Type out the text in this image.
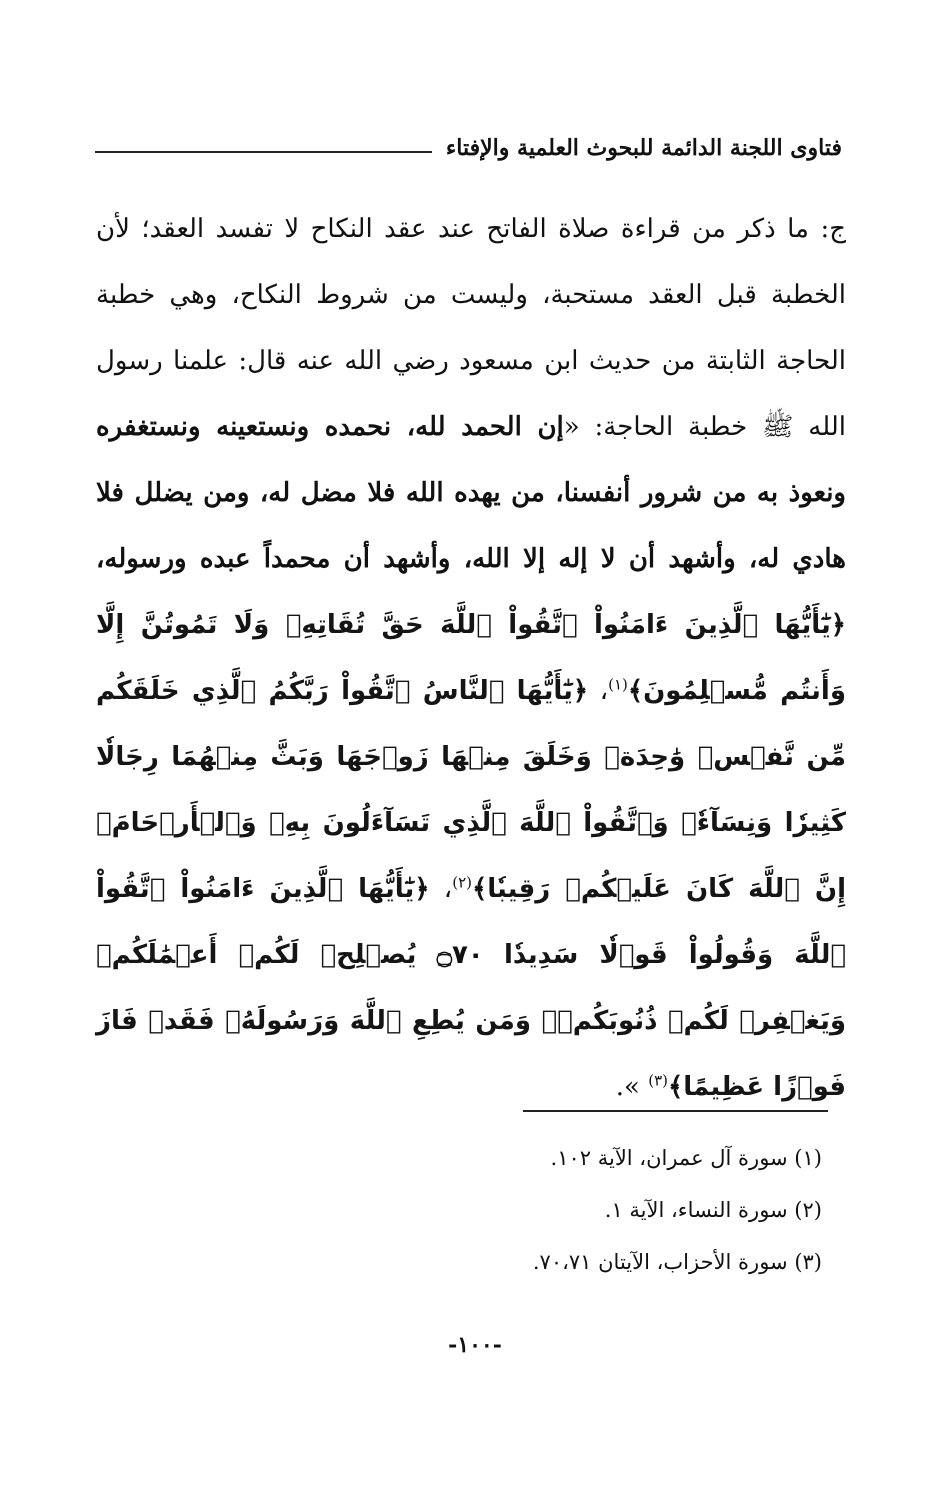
فتاوى اللجنة الدائمة للبحوث العلمية والإفتاء

ج: ما ذكر من قراءة صلاة الفاتح عند عقد النكاح لا تفسد العقد؛ لأن الخطبة قبل العقد مستحبة، وليست من شروط النكاح، وهي خطبة الحاجة الثابتة من حديث ابن مسعود رضي الله عنه قال: علمنا رسول الله ﷺ خطبة الحاجة: «إن الحمد لله، نحمده ونستعينه ونستغفره ونعوذ به من شرور أنفسنا، من يهده الله فلا مضل له، ومن يضلل فلا هادي له، وأشهد أن لا إله إلا الله، وأشهد أن محمداً عبده ورسوله، ﴿يَٰٓأَيُّهَا ٱلَّذِينَ ءَامَنُواْ ٱتَّقُواْ ٱللَّهَ حَقَّ تُقَاتِهِۦ وَلَا تَمُوتُنَّ إِلَّا وَأَنتُم مُّسۡلِمُونَ﴾$^{(١)}$، ﴿يَٰٓأَيُّهَا ٱلنَّاسُ ٱتَّقُواْ رَبَّكُمُ ٱلَّذِي خَلَقَكُم مِّن نَّفۡسٖ وَٰحِدَةٖ وَخَلَقَ مِنۡهَا زَوۡجَهَا وَبَثَّ مِنۡهُمَا رِجَالٗا كَثِيرٗا وَنِسَآءٗۚ وَٱتَّقُواْ ٱللَّهَ ٱلَّذِي تَسَآءَلُونَ بِهِۦ وَٱلۡأَرۡحَامَۚ إِنَّ ٱللَّهَ كَانَ عَلَيۡكُمۡ رَقِيبٗا﴾$^{(٢)}$، ﴿يَٰٓأَيُّهَا ٱلَّذِينَ ءَامَنُواْ ٱتَّقُواْ ٱللَّهَ وَقُولُواْ قَوۡلٗا سَدِيدٗا ۝٧٠ يُصۡلِحۡ لَكُمۡ أَعۡمَٰلَكُمۡ وَيَغۡفِرۡ لَكُمۡ ذُنُوبَكُمۡۗ وَمَن يُطِعِ ٱللَّهَ وَرَسُولَهُۥ فَقَدۡ فَازَ فَوۡزًا عَظِيمًا﴾$^{(٣)}$ ».

(١) سورة آل عمران، الآية ١٠٢.
(٢) سورة النساء، الآية ١.
(٣) سورة الأحزاب، الآيتان ٧٠،٧١.
-١٠٠-
